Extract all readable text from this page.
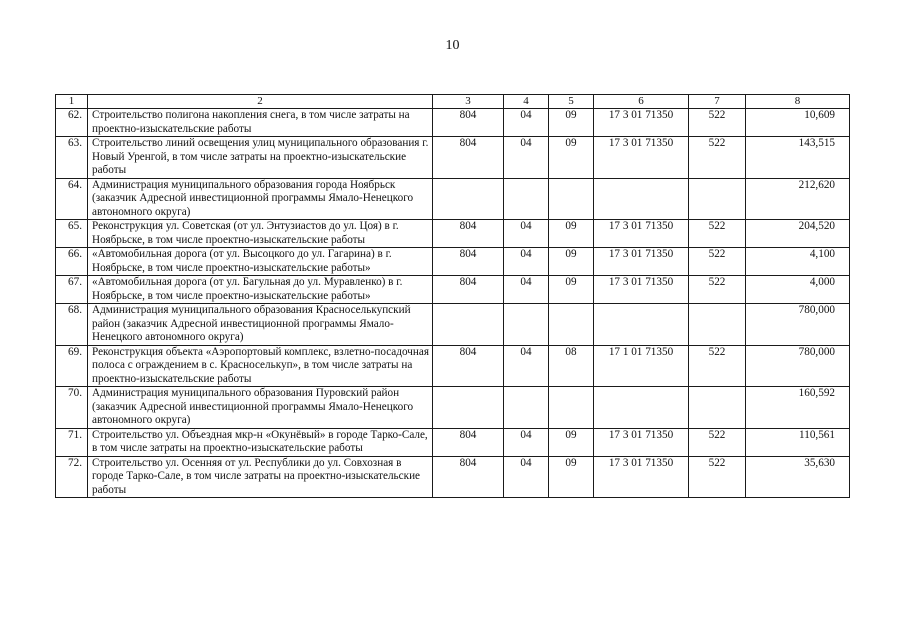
10
1	2	3	4	5	6	7	8
62.	Строительство полигона накопления снега, в том числе затраты на проектно-изыскательские работы	804	04	09	17 3 01 71350	522	10,609
63.	Строительство линий освещения улиц муниципального образования г. Новый Уренгой, в том числе затраты на проектно-изыскательские работы	804	04	09	17 3 01 71350	522	143,515
64.	Администрация муниципального образования города Ноябрьск (заказчик Адресной инвестиционной программы Ямало-Ненецкого автономного округа)						212,620
65.	Реконструкция ул. Советская (от ул. Энтузиастов до ул. Цоя) в г. Ноябрьске, в том числе проектно-изыскательские работы	804	04	09	17 3 01 71350	522	204,520
66.	«Автомобильная дорога (от ул. Высоцкого до ул. Гагарина) в г. Ноябрьске, в том числе проектно-изыскательские работы»	804	04	09	17 3 01 71350	522	4,100
67.	«Автомобильная дорога (от ул. Багульная до ул. Муравленко) в г. Ноябрьске, в том числе проектно-изыскательские работы»	804	04	09	17 3 01 71350	522	4,000
68.	Администрация муниципального образования Красноселькупский район (заказчик Адресной инвестиционной программы Ямало-Ненецкого автономного округа)						780,000
69.	Реконструкция объекта «Аэропортовый комплекс, взлетно-посадочная полоса с ограждением в с. Красноселькуп», в том числе затраты на проектно-изыскательские работы	804	04	08	17 1 01 71350	522	780,000
70.	Администрация муниципального образования Пуровский район (заказчик Адресной инвестиционной программы Ямало-Ненецкого автономного округа)						160,592
71.	Строительство ул. Объездная мкр-н «Окунёвый» в городе Тарко-Сале, в том числе затраты на проектно-изыскательские работы	804	04	09	17 3 01 71350	522	110,561
72.	Строительство ул. Осенняя от ул. Республики до ул. Совхозная в городе Тарко-Сале, в том числе затраты на проектно-изыскательские работы	804	04	09	17 3 01 71350	522	35,630
